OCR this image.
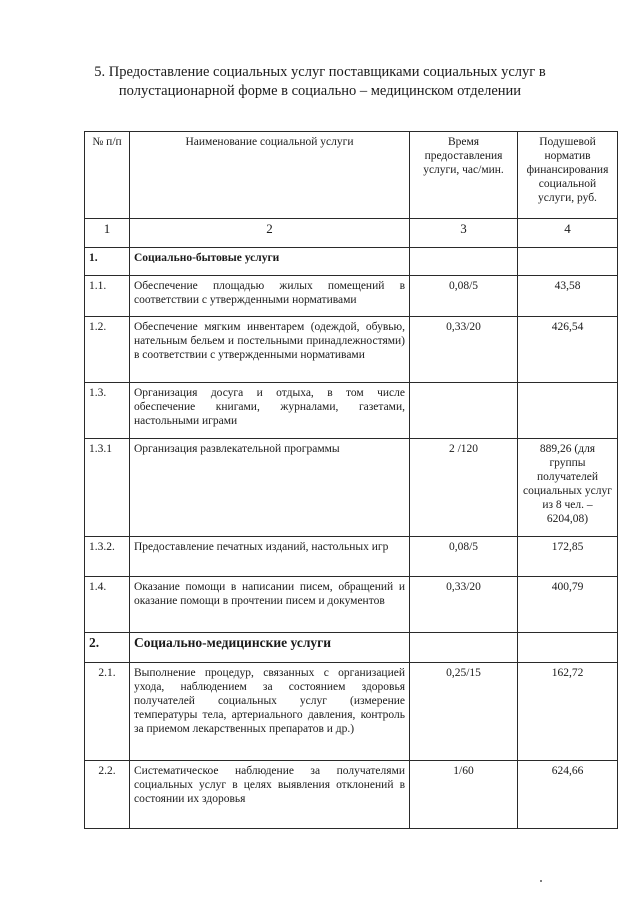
5. Предоставление социальных услуг поставщиками социальных услуг в полустационарной форме в социально – медицинском отделении
№ п/п	Наименование социальной услуги	Время предоставления услуги, час/мин.	Подушевой норматив финансирования социальной услуги, руб.
1	2	3	4
1.	Социально-бытовые услуги		
1.1.	Обеспечение площадью жилых помещений в соответствии с утвержденными нормативами	0,08/5	43,58
1.2.	Обеспечение мягким инвентарем (одеждой, обувью, нательным бельем и постельными принадлежностями) в соответствии с утвержденными нормативами	0,33/20	426,54
1.3.	Организация досуга и отдыха, в том числе обеспечение книгами, журналами, газетами, настольными играми		
1.3.1	Организация развлекательной программы	2 /120	889,26 (для группы получателей социальных услуг из 8 чел. – 6204,08)
1.3.2.	Предоставление печатных изданий, настольных игр	0,08/5	172,85
1.4.	Оказание помощи в написании писем, обращений и оказание помощи в прочтении писем и документов	0,33/20	400,79
2.	Социально-медицинские услуги		
2.1.	Выполнение процедур, связанных с организацией ухода, наблюдением за состоянием здоровья получателей социальных услуг (измерение температуры тела, артериального давления, контроль за приемом лекарственных препаратов и др.)	0,25/15	162,72
2.2.	Систематическое наблюдение за получателями социальных услуг в целях выявления отклонений в состоянии их здоровья	1/60	624,66
